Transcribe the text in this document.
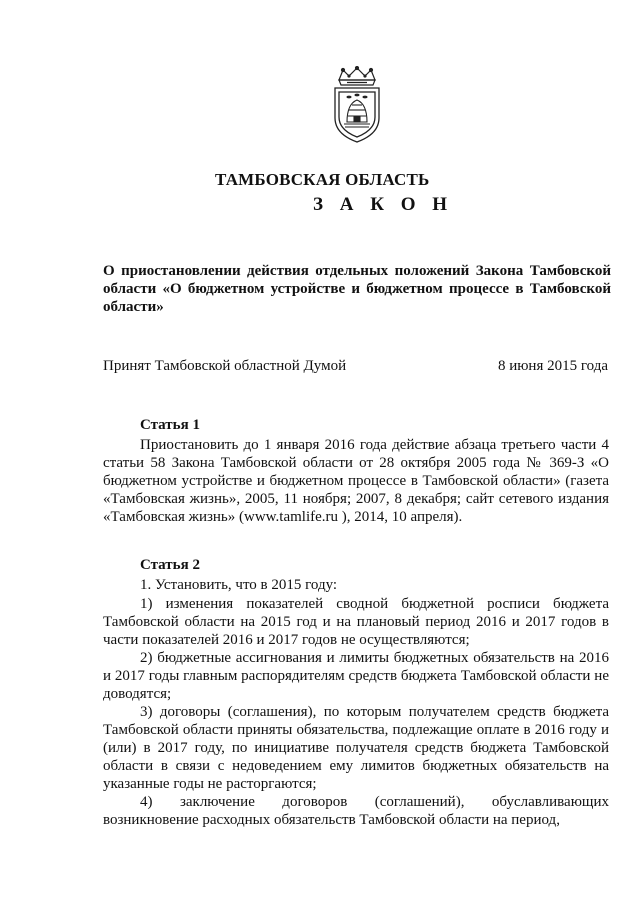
ТАМБОВСКАЯ ОБЛАСТЬ
З А К О Н

О приостановлении действия отдельных положений Закона Тамбовской области «О бюджетном устройстве и бюджетном процессе в Тамбовской области»

Принят Тамбовской областной Думой	8 июня 2015 года
Статья 1

Приостановить до 1 января 2016 года действие абзаца третьего части 4 статьи 58 Закона Тамбовской области от 28 октября 2005 года № 369-З «О бюджетном устройстве и бюджетном процессе в Тамбовской области» (газета «Тамбовская жизнь», 2005, 11 ноября; 2007, 8 декабря; сайт сетевого издания «Тамбовская жизнь» (www.tamlife.ru ), 2014, 10 апреля).

Статья 2

1. Установить, что в 2015 году:

1) изменения показателей сводной бюджетной росписи бюджета Тамбовской области на 2015 год и на плановый период 2016 и 2017 годов в части показателей 2016 и 2017 годов не осуществляются;

2) бюджетные ассигнования и лимиты бюджетных обязательств на 2016 и 2017 годы главным распорядителям средств бюджета Тамбовской области не доводятся;

3) договоры (соглашения), по которым получателем средств бюджета Тамбовской области приняты обязательства, подлежащие оплате в 2016 году и (или) в 2017 году, по инициативе получателя средств бюджета Тамбовской области в связи с недоведением ему лимитов бюджетных обязательств на указанные годы не расторгаются;

4) заключение договоров (соглашений), обуславливающих возникновение расходных обязательств Тамбовской области на период,
